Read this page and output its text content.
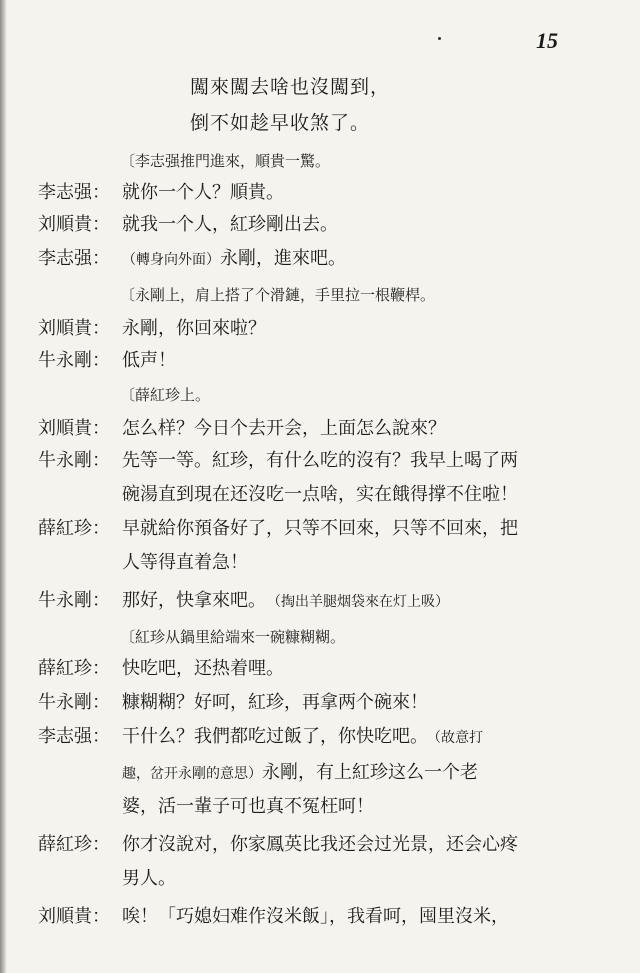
15
闖來闖去啥也沒闖到，
倒不如趁早收煞了。
〔李志强推門進來，順貴一驚。
李志强： 就你一个人？順貴。
刘順貴： 就我一个人，紅珍剛出去。
李志强： （轉身向外面）永剛，進來吧。
〔永剛上，肩上搭了个滑鏈，手里拉一根鞭桿。
刘順貴： 永剛，你回來啦？
牛永剛： 低声！
〔薛紅珍上。
刘順貴： 怎么样？今日个去开会，上面怎么說來？
牛永剛： 先等一等。紅珍，有什么吃的沒有？我早上喝了两
碗湯直到現在还沒吃一点啥，实在餓得撑不住啦！
薛紅珍： 早就給你預备好了，只等不回來，只等不回來，把
人等得直着急！
牛永剛： 那好，快拿來吧。 （掏出羊腿烟袋來在灯上吸）
〔紅珍从鍋里給端來一碗糠糊糊。
薛紅珍： 快吃吧，还热着哩。
牛永剛： 糠糊糊？好呵，紅珍，再拿两个碗來！
李志强： 干什么？我們都吃过飯了，你快吃吧。 （故意打
趣，岔开永剛的意思）永剛，有上紅珍这么一个老
婆，活一輩子可也真不冤枉呵！
薛紅珍： 你才沒說对，你家鳳英比我还会过光景，还会心疼
男人。
刘順貴： 唉！「巧媳妇难作沒米飯」，我看呵，囤里沒米，
